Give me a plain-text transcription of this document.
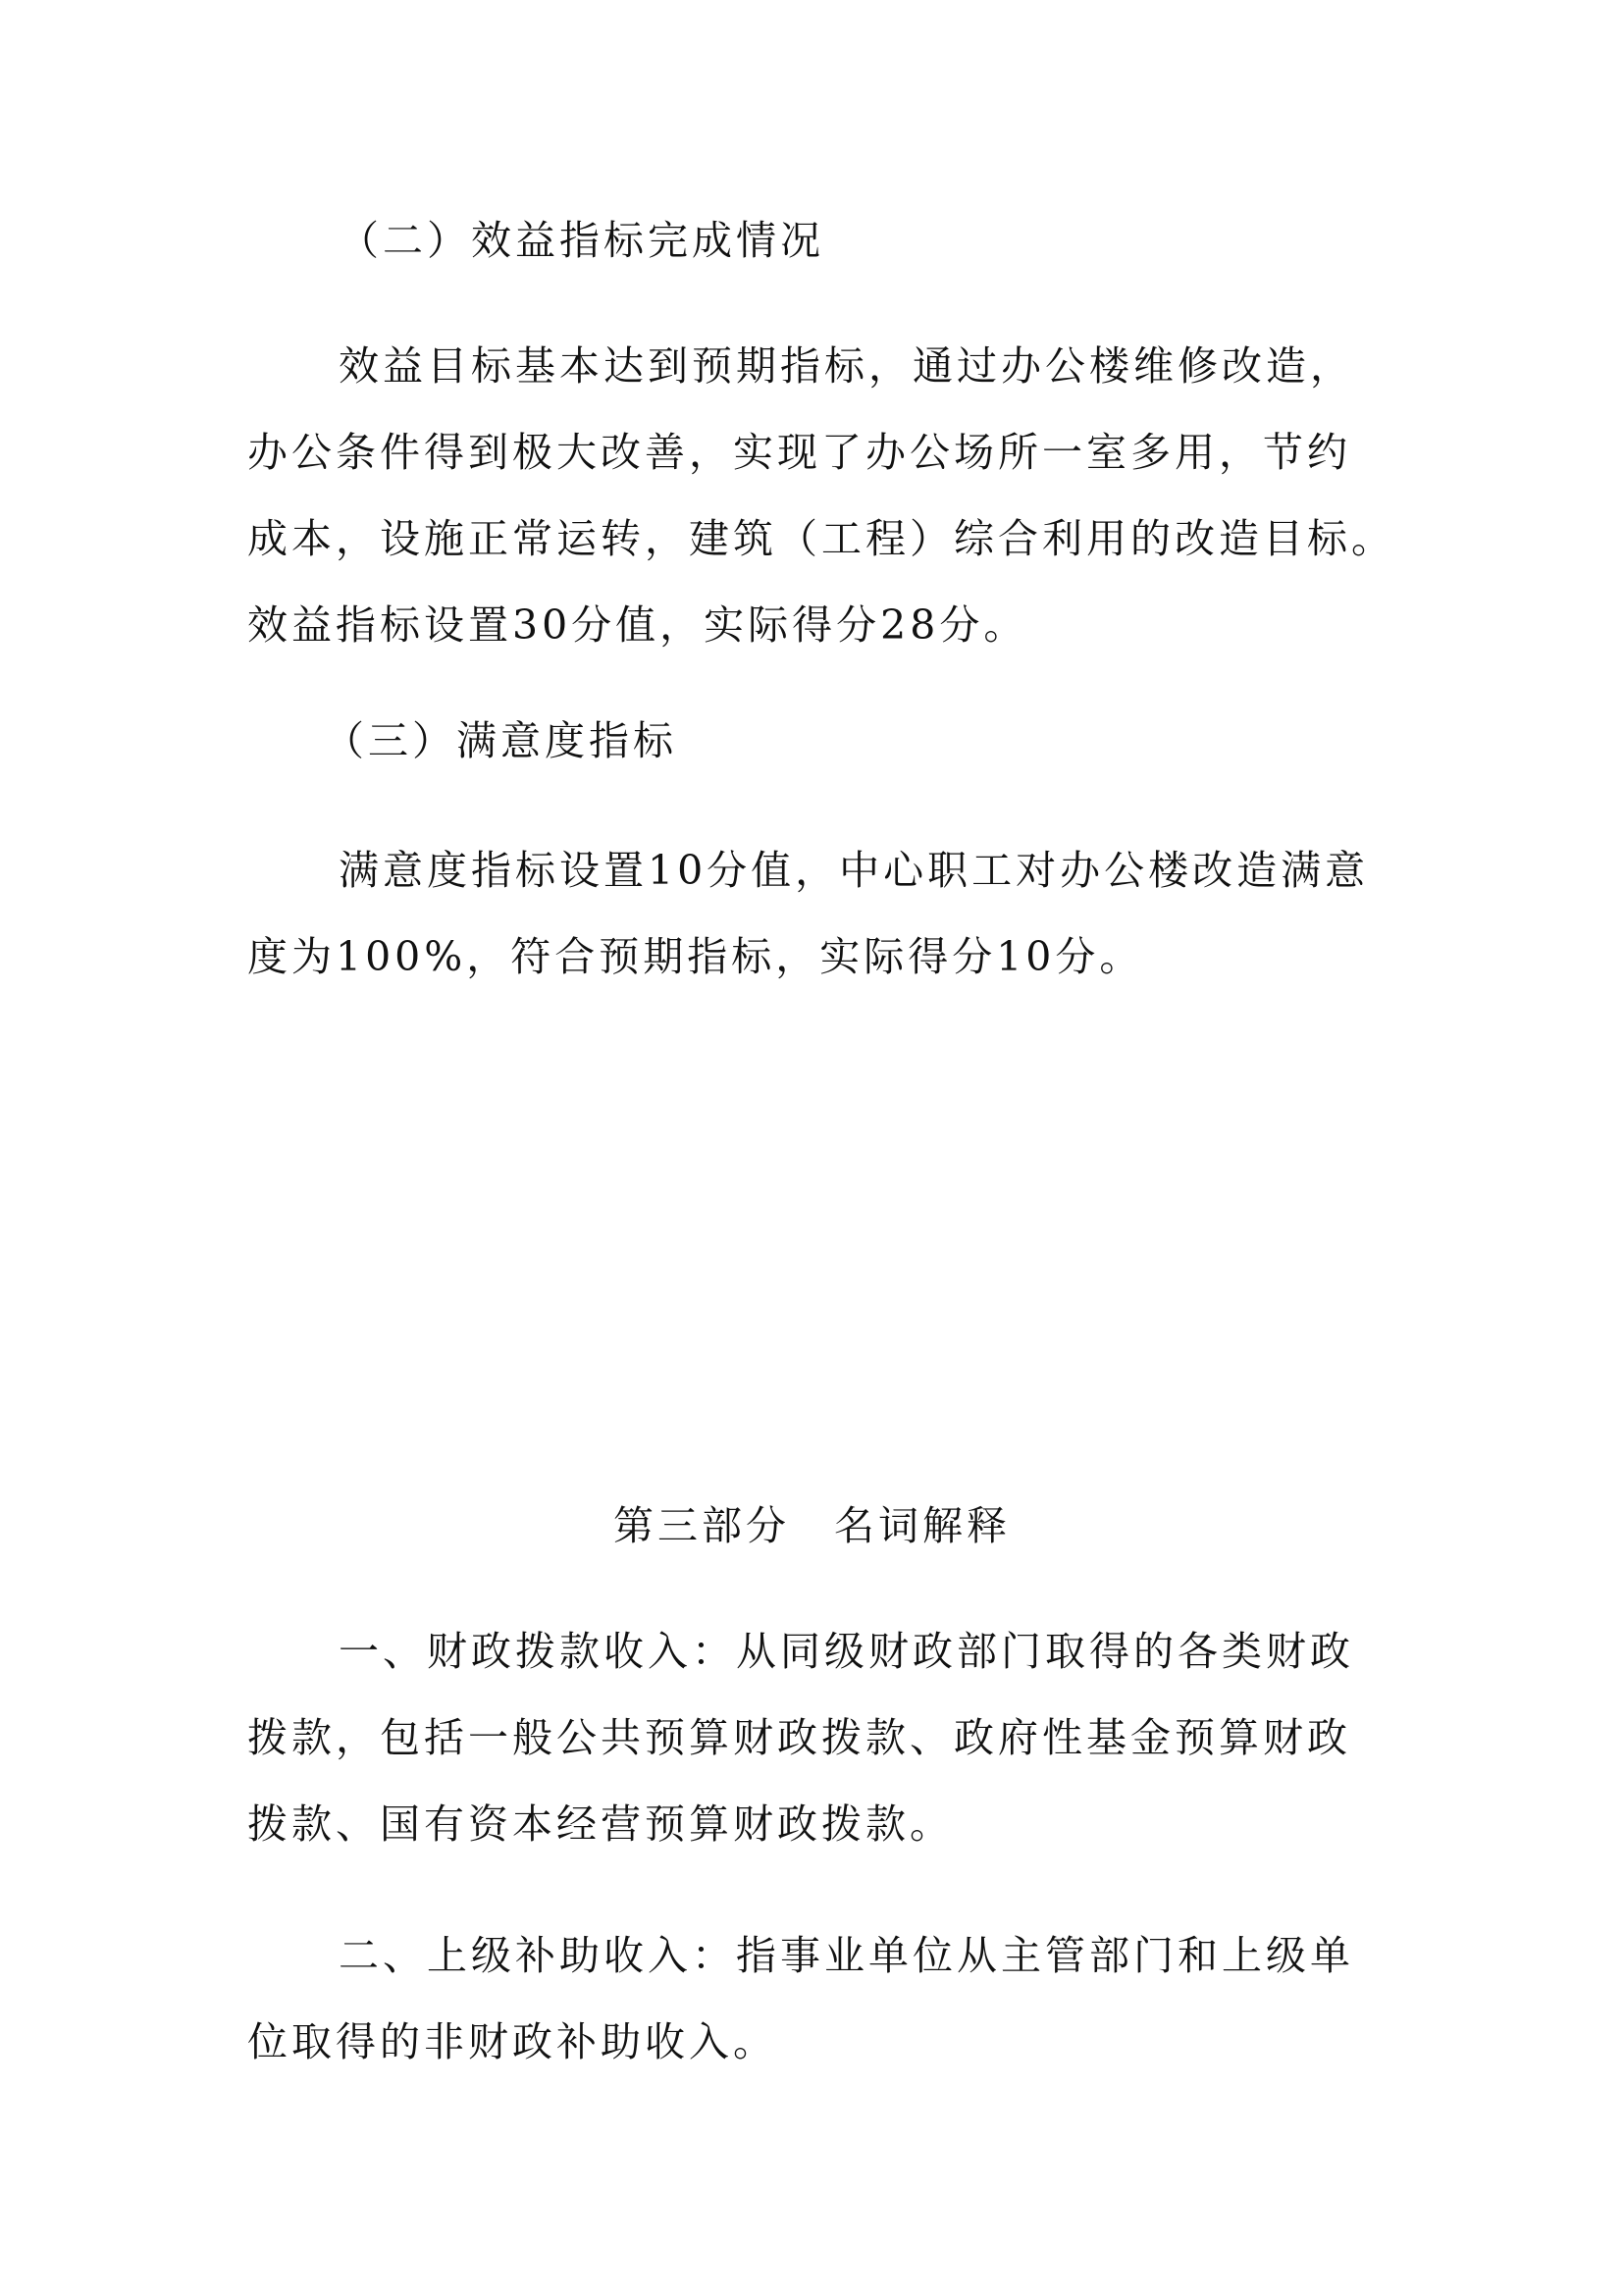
（二）效益指标完成情况

效益目标基本达到预期指标，通过办公楼维修改造，

办公条件得到极大改善，实现了办公场所一室多用，节约

成本，设施正常运转，建筑（工程）综合利用的改造目标。

效益指标设置30分值，实际得分28分。

（三）满意度指标

满意度指标设置10分值，中心职工对办公楼改造满意

度为100%，符合预期指标，实际得分10分。

第三部分　名词解释

一、财政拨款收入：从同级财政部门取得的各类财政

拨款，包括一般公共预算财政拨款、政府性基金预算财政

拨款、国有资本经营预算财政拨款。

二、上级补助收入：指事业单位从主管部门和上级单

位取得的非财政补助收入。
